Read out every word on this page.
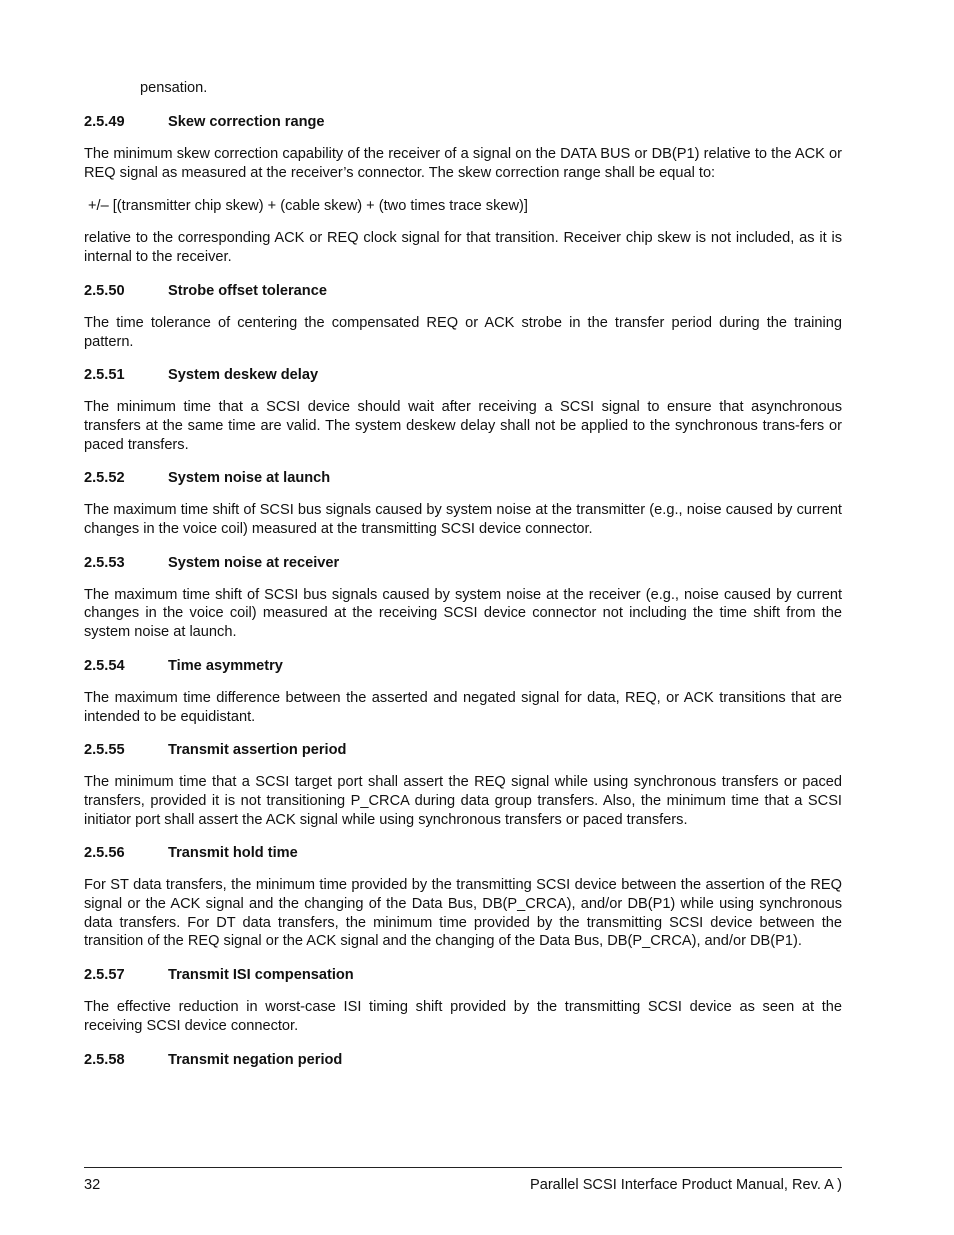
pensation.

2.5.49	Skew correction range

The minimum skew correction capability of the receiver of a signal on the DATA BUS or DB(P1) relative to the ACK or REQ signal as measured at the receiver’s connector. The skew correction range shall be equal to:

+/– [(transmitter chip skew) + (cable skew) + (two times trace skew)]

relative to the corresponding ACK or REQ clock signal for that transition. Receiver chip skew is not included, as it is internal to the receiver.

2.5.50	Strobe offset tolerance

The time tolerance of centering the compensated REQ or ACK strobe in the transfer period during the training pattern.

2.5.51	System deskew delay

The minimum time that a SCSI device should wait after receiving a SCSI signal to ensure that asynchronous transfers at the same time are valid. The system deskew delay shall not be applied to the synchronous trans-fers or paced transfers.

2.5.52	System noise at launch

The maximum time shift of SCSI bus signals caused by system noise at the transmitter (e.g., noise caused by current changes in the voice coil) measured at the transmitting SCSI device connector.

2.5.53	System noise at receiver

The maximum time shift of SCSI bus signals caused by system noise at the receiver (e.g., noise caused by current changes in the voice coil) measured at the receiving SCSI device connector not including the time shift from the system noise at launch.

2.5.54	Time asymmetry

The maximum time difference between the asserted and negated signal for data, REQ, or ACK transitions that are intended to be equidistant.

2.5.55	Transmit assertion period

The minimum time that a SCSI target port shall assert the REQ signal while using synchronous transfers or paced transfers, provided it is not transitioning P_CRCA during data group transfers. Also, the minimum time that a SCSI initiator port shall assert the ACK signal while using synchronous transfers or paced transfers.

2.5.56	Transmit hold time

For ST data transfers, the minimum time provided by the transmitting SCSI device between the assertion of the REQ signal or the ACK signal and the changing of the Data Bus, DB(P_CRCA), and/or DB(P1) while using synchronous data transfers. For DT data transfers, the minimum time provided by the transmitting SCSI device between the transition of the REQ signal or the ACK signal and the changing of the Data Bus, DB(P_CRCA), and/or DB(P1).

2.5.57	Transmit ISI compensation

The effective reduction in worst-case ISI timing shift provided by the transmitting SCSI device as seen at the receiving SCSI device connector.

2.5.58	Transmit negation period
32	Parallel SCSI Interface Product Manual, Rev. A )
